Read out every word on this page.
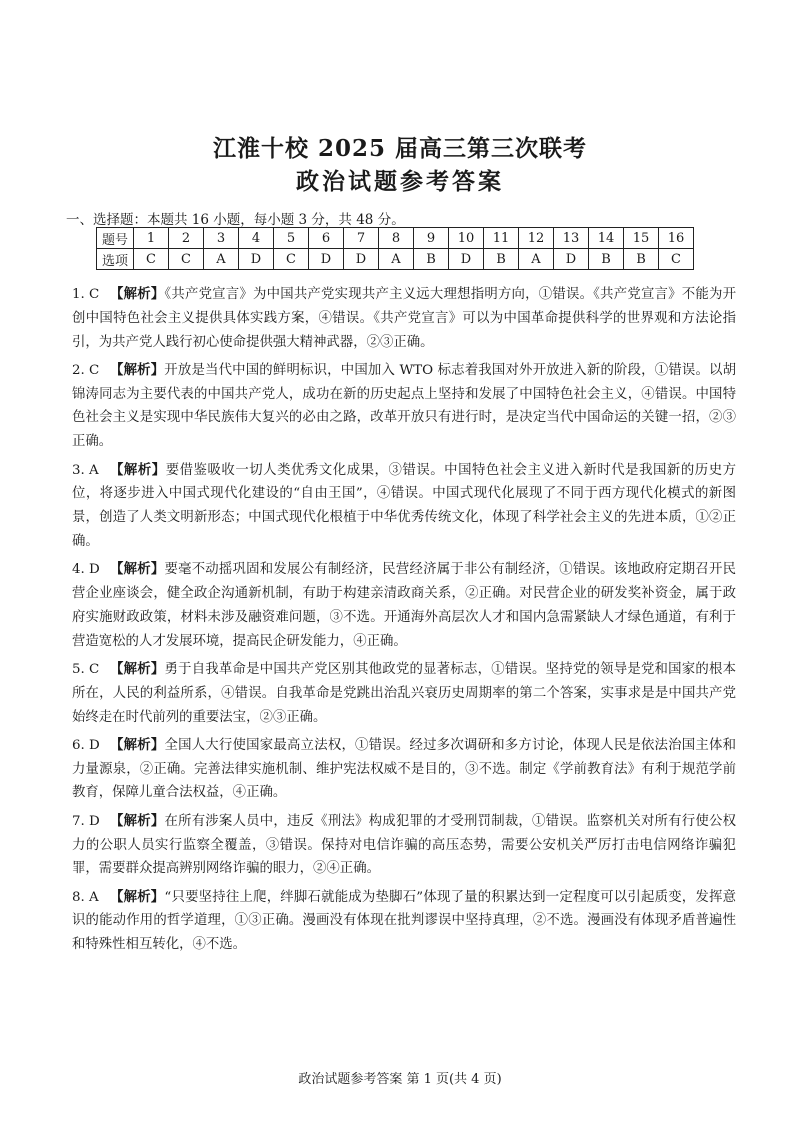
江淮十校 2025 届高三第三次联考
政治试题参考答案
一、选择题：本题共 16 小题，每小题 3 分，共 48 分。
题号	1	2	3	4	5	6	7	8	9	10	11	12	13	14	15	16
选项	C	C	A	D	C	D	D	A	B	D	B	A	D	B	B	C
1. C 【解析】《共产党宣言》为中国共产党实现共产主义远大理想指明方向，①错误。《共产党宣言》不能为开创中国特色社会主义提供具体实践方案，④错误。《共产党宣言》可以为中国革命提供科学的世界观和方法论指引，为共产党人践行初心使命提供强大精神武器，②③正确。
2. C 【解析】开放是当代中国的鲜明标识，中国加入 WTO 标志着我国对外开放进入新的阶段，①错误。以胡锦涛同志为主要代表的中国共产党人，成功在新的历史起点上坚持和发展了中国特色社会主义，④错误。中国特色社会主义是实现中华民族伟大复兴的必由之路，改革开放只有进行时，是决定当代中国命运的关键一招，②③正确。
3. A 【解析】要借鉴吸收一切人类优秀文化成果，③错误。中国特色社会主义进入新时代是我国新的历史方位，将逐步进入中国式现代化建设的“自由王国”，④错误。中国式现代化展现了不同于西方现代化模式的新图景，创造了人类文明新形态；中国式现代化根植于中华优秀传统文化，体现了科学社会主义的先进本质，①②正确。
4. D 【解析】要毫不动摇巩固和发展公有制经济，民营经济属于非公有制经济，①错误。该地政府定期召开民营企业座谈会，健全政企沟通新机制，有助于构建亲清政商关系，②正确。对民营企业的研发奖补资金，属于政府实施财政政策，材料未涉及融资难问题，③不选。开通海外高层次人才和国内急需紧缺人才绿色通道，有利于营造宽松的人才发展环境，提高民企研发能力，④正确。
5. C 【解析】勇于自我革命是中国共产党区别其他政党的显著标志，①错误。坚持党的领导是党和国家的根本所在，人民的利益所系，④错误。自我革命是党跳出治乱兴衰历史周期率的第二个答案，实事求是是中国共产党始终走在时代前列的重要法宝，②③正确。
6. D 【解析】全国人大行使国家最高立法权，①错误。经过多次调研和多方讨论，体现人民是依法治国主体和力量源泉，②正确。完善法律实施机制、维护宪法权威不是目的，③不选。制定《学前教育法》有利于规范学前教育，保障儿童合法权益，④正确。
7. D 【解析】在所有涉案人员中，违反《刑法》构成犯罪的才受刑罚制裁，①错误。监察机关对所有行使公权力的公职人员实行监察全覆盖，③错误。保持对电信诈骗的高压态势，需要公安机关严厉打击电信网络诈骗犯罪，需要群众提高辨别网络诈骗的眼力，②④正确。
8. A 【解析】“只要坚持往上爬，绊脚石就能成为垫脚石”体现了量的积累达到一定程度可以引起质变，发挥意识的能动作用的哲学道理，①③正确。漫画没有体现在批判谬误中坚持真理，②不选。漫画没有体现矛盾普遍性和特殊性相互转化，④不选。
政治试题参考答案 第 1 页(共 4 页)
